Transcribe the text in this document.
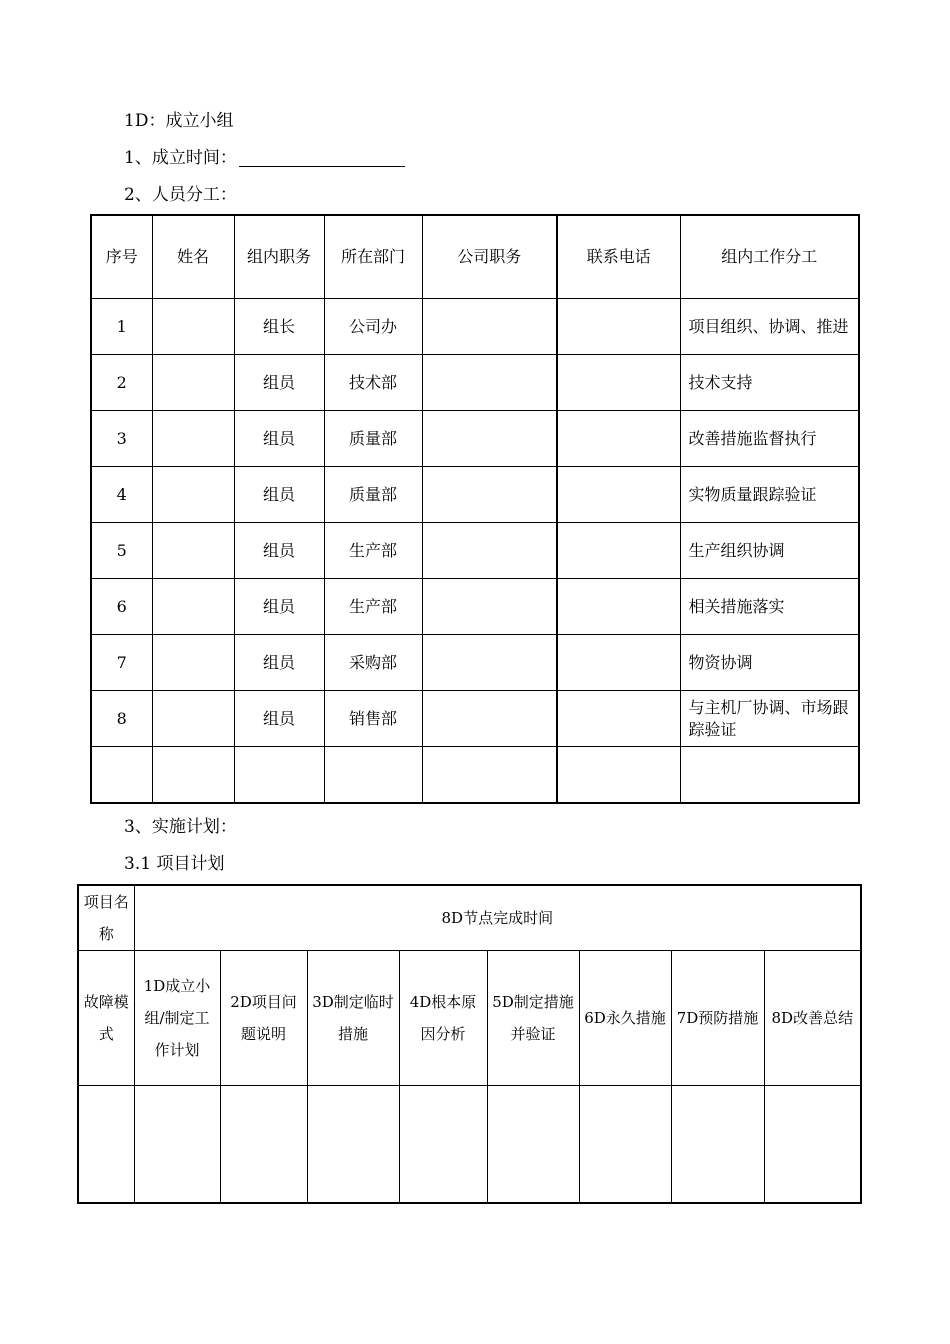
1D：成立小组
1、成立时间：
2、人员分工：
序号	姓名	组内职务	所在部门	公司职务	联系电话	组内工作分工
1		组长	公司办			项目组织、协调、推进
2		组员	技术部			技术支持
3		组员	质量部			改善措施监督执行
4		组员	质量部			实物质量跟踪验证
5		组员	生产部			生产组织协调
6		组员	生产部			相关措施落实
7		组员	采购部			物资协调
8		组员	销售部			与主机厂协调、市场跟踪验证

3、实施计划：
3.1 项目计划
项目名称	8D节点完成时间							
故障模式	1D成立小组/制定工作计划	2D项目问题说明	3D制定临时措施	4D根本原因分析	5D制定措施并验证	6D永久措施	7D预防措施	8D改善总结
